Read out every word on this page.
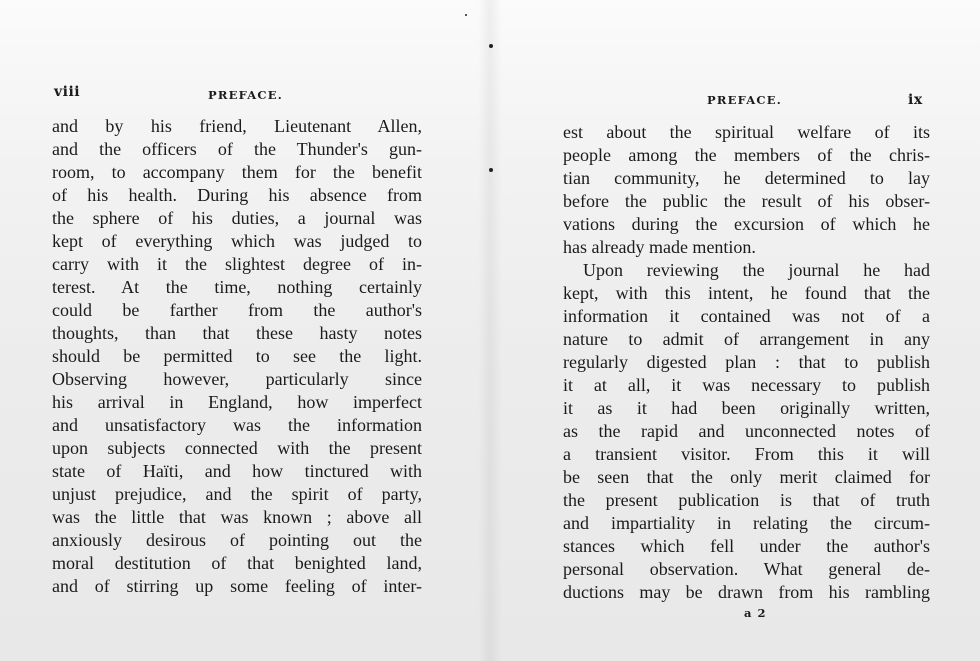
viii	PREFACE.

and by his friend, Lieutenant Allen,
and the officers of the Thunder's gun-
room, to accompany them for the benefit
of his health. During his absence from
the sphere of his duties, a journal was
kept of everything which was judged to
carry with it the slightest degree of in-
terest. At the time, nothing certainly
could be farther from the author's
thoughts, than that these hasty notes
should be permitted to see the light.
Observing however, particularly since
his arrival in England, how imperfect
and unsatisfactory was the information
upon subjects connected with the present
state of Haïti, and how tinctured with
unjust prejudice, and the spirit of party,
was the little that was known ; above all
anxiously desirous of pointing out the
moral destitution of that benighted land,
and of stirring up some feeling of inter-

PREFACE.	ix

est about the spiritual welfare of its
people among the members of the chris-
tian community, he determined to lay
before the public the result of his obser-
vations during the excursion of which he
has already made mention.
Upon reviewing the journal he had
kept, with this intent, he found that the
information it contained was not of a
nature to admit of arrangement in any
regularly digested plan : that to publish
it at all, it was necessary to publish
it as it had been originally written,
as the rapid and unconnected notes of
a transient visitor. From this it will
be seen that the only merit claimed for
the present publication is that of truth
and impartiality in relating the circum-
stances which fell under the author's
personal observation. What general de-
ductions may be drawn from his rambling

a 2
